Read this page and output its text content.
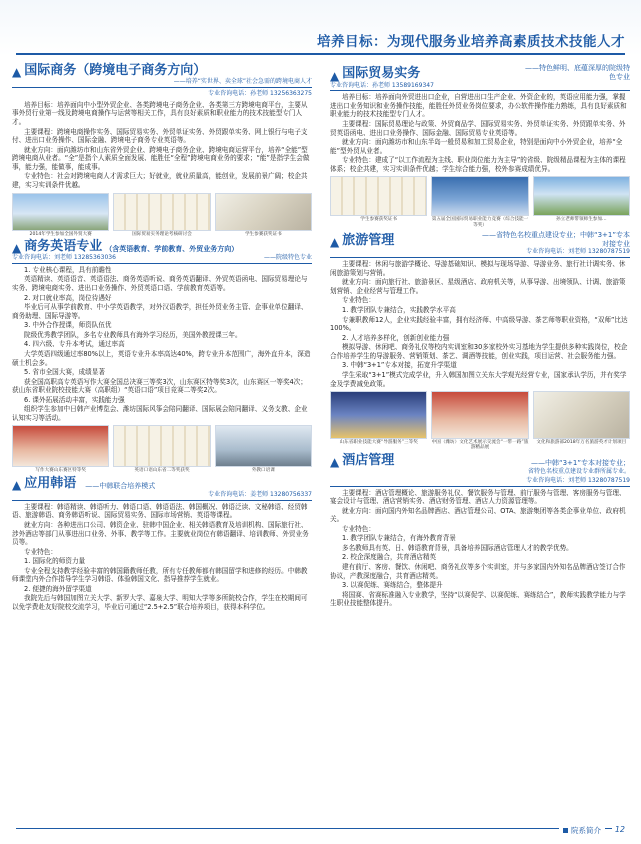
培养目标：为现代服务业培养高素质技术技能人才
▲ 国际商务（跨境电子商务方向）
——培养“实世界、卖全球”社会急需的跨境电商人才
专业咨询电话：孙老师 13256363275

培养目标：培养面向中小型外贸企业、各类跨境电子商务企业、各类第三方跨境电商平台，主要从事外贸行业第一线及跨境电商操作与运营等相关工作，具有良好素质和职业能力的技术技能型专门人才。

主要课程：跨境电商操作实务、国际贸易实务、外贸单证实务、外贸跟单实务、网上银行与电子支付、进出口业务操作、国际金融、跨境电子商务专业英语等。

就业方向：面向潍坊市和山东省外贸企业、跨境电子商务企业、跨境电商运营平台，培养“全能”型跨境电商从业者。“全”是指个人素质全面发展、能胜任“全程”跨境电商业务的要求；“能”是指学生会做事，能力强，能做事，能成事。

专业特色：社会对跨境电商人才需求巨大；好就业，就业质量高，能创业，发展前景广阔；校企共建，实习实训条件优越。

2014年学生参加全国外贸大赛	国际贸易实务理论考核研讨会	学生参赛获奖证书
▲ 商务英语专业 （含英语教育、学前教育、外贸业务方向）
专业咨询电话：刘老师 13285363036	——院级特色专业

1. 专业核心课程，具有前瞻性

英语精读、英语语音、英语语法、商务英语听说、商务英语翻译、外贸英语函电、国际贸易理论与实务、跨境电商实务、进出口业务操作、外贸英语口语、学前教育英语等。

2. 对口就业率高，岗位待遇好

毕业后可从事学前教育、中小学英语教学，对外汉语教学，担任外贸业务主管、企事业单位翻译、商务助理、国际导游等。

3. 中外合作授课，师资队伍优

院级优秀教学团队，多名专业教师具有海外学习经历，美国外教授课三年。

4. 四六级、专升本考试，通过率高

大学英语四级通过率80%以上，英语专业升本率高达40%，跨专业升本范围广，海外直升本，深造硕士机会多。

5. 省市全国大赛，成绩显著

获全国高职高专英语写作大赛全国总决赛三等奖3次，山东赛区特等奖3次，山东赛区一等奖4次；获山东省职业院校技能大赛（高职组）“英语口语”项目竞赛二等奖2次。

6. 课外拓展活动丰富，实践能力强

组织学生参加中日韩产业博览会、潍坊国际风筝会陪同翻译、国际展会陪同翻译、义务支教、企业认知实习等活动。

写作大赛山东赛区特等奖	英语口语山东省二等奖获奖	外教口语课
▲ 应用韩语 ——中韩联合培养模式
专业咨询电话：姜老师 13280756337

主要课程：韩语精读、韩语听力、韩语口语、韩语语法、韩国概况、韩语泛读、文秘韩语、经贸韩语、旅游韩语、商务韩语听说、国际贸易实务、国际市场营销、英语等课程。

就业方向：各种进出口公司、韩资企业、驻韩中国企业、相关韩语教育及培训机构、国际旅行社、涉外酒店等部门从事进出口业务、外事、教学等工作。主要就业岗位有韩语翻译、培训教师、外贸业务员等。

专业特色：

1. 国际化的师资力量

专业全程支持教学经验丰富的韩国籍教师任教，所有专任教师都有韩国留学和进修的经历。中韩教师课堂内外合作指导学生学习韩语、体验韩国文化、指导推荐学生就业。

2. 便捷的海外留学渠道

我院先后与韩国加图立关大学、新罗大学、嘉泉大学、明知大学等多所院校合作，学生在校期间可以免学费赴友好院校交流学习，毕业后可通过“2.5+2.5”联合培养项目，获得本科学位。

▲ 国际贸易实务	——特色鲜明、底蕴深厚的院级特色专业
专业咨询电话：孙老师 13589169347

培养目标：培养面向外贸进出口企业，自营进出口生产企业、外资企业的，英语应用能力强，掌握进出口业务知识和业务操作技能，能胜任外贸业务岗位要求，办公软件操作能力熟练，具有良好素质和职业能力的技术技能型专门人才。

主要课程：国际贸易理论与政策、外贸商品学、国际贸易实务、外贸单证实务、外贸跟单实务、外贸英语函电、进出口业务操作、国际金融、国际贸易专业英语等。

就业方向：面向潍坊市和山东半岛一般贸易和加工贸易企业，特别是面向中小外贸企业，培养“全能”型外贸从业者。

专业特色：建成了“以工作流程为主线、职业岗位能力为主导”的省级、院级精品课程为主体的课程体系；校企共建，实习实训条件优越；学生综合能力强，校外参赛成绩优异。

学生参赛获奖证书	第五届全国国际贸易职业能力竞赛（综合技能一等奖）
孙立老师带领师生参加…
▲ 旅游管理	——省特色名校重点建设专业；中韩“3+1”专本对接专业
专业咨询电话：刘老师 13280787519

主要课程：休闲与旅游学概论、导游基础知识、模拟与现场导游、导游业务、旅行社计调实务、休闲旅游策划与营销。

就业方向：面向旅行社、旅游景区、星级酒店、政府机关等，从事导游、出境领队、计调、旅游策划营销、企业经营与管理工作。

专业特色：

1. 教学团队专兼结合，实践教学水平高

专兼职教师12人，企业实践经验丰富，拥有经济师、中高级导游、茶艺师等职业资格，“双师”比达100%。

2. 人才培养多样化，创新创业能力强

模拟导游、休闲吧、商务礼仪等校内实训室和30多家校外实习基地为学生提供多种实践岗位，校企合作培养学生的导游服务、营销策划、茶艺、调酒等技能，创业实践，项目运营、社会服务能力强。

3. 中韩“3+1”专本对接，拓宽升学渠道

学生采取“3+1”模式完成学业，升入韩国加图立关东大学观光经营专业，国家承认学历，并有奖学金及学费减免政策。

山东省职业技能大赛“导游服务”三等奖	中国（潍坊）文化艺术展示交流会“一带一路”旅游精品展
文化和旅游部2018年万名旅游英才计划项目
▲ 酒店管理	——中韩“3+1”专本对接专业；
省特色名校重点建设专业群所属专业。
专业咨询电话：刘老师 13280787519

主要课程：酒店管理概论、旅游服务礼仪、餐饮服务与管理、前厅服务与管理、客房服务与管理、宴会设计与管理、酒店营销实务、酒店财务管理、酒店人力资源管理等。

就业方向：面向国内外知名品牌酒店、酒店管理公司、OTA、旅游集团等各类企事业单位、政府机关。

专业特色：

1. 教学团队专兼结合，有海外教育背景

多名教师具有英、日、韩语教育背景，具备培养国际酒店管理人才的教学优势。

2. 校企深度融合，共育酒店精英

建有前厅、客房、餐饮、休闲吧、商务礼仪等多个实训室，并与多家国内外知名品牌酒店签订合作协议，产教深度融合，共育酒店精英。

3. 以赛促练、赛练结合，整体提升

将国赛、省赛标准融入专业教学，坚持“以赛促学、以赛促练、赛练结合”，教师实践教学能力与学生职业技能整体提升。

院系简介	12
